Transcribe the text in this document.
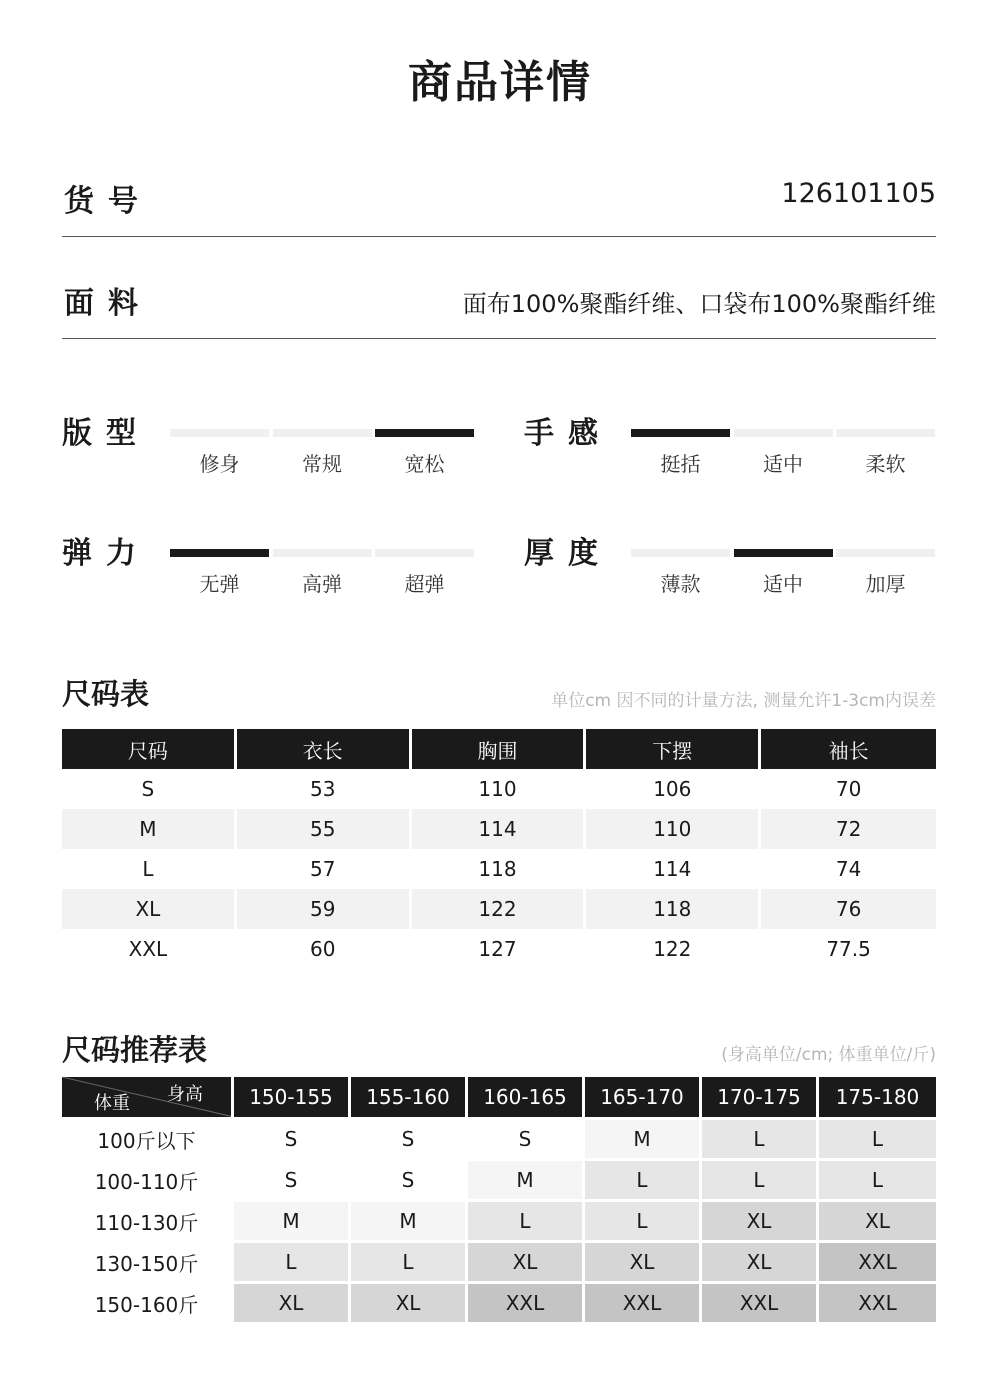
商品详情
货号	126101105
面料	面布100%聚酯纤维、口袋布100%聚酯纤维
版型
修身	常规	宽松
手感
挺括	适中	柔软
弹力
无弹	高弹	超弹
厚度
薄款	适中	加厚
尺码表	单位cm 因不同的计量方法, 测量允许1-3cm内误差
尺码	衣长	胸围	下摆	袖长
S	53	110	106	70
M	55	114	110	72
L	57	118	114	74
XL	59	122	118	76
XXL	60	127	122	77.5
尺码推荐表	(身高单位/cm; 体重单位/斤)
身高
体重	150-155	155-160	160-165	165-170	170-175	175-180
100斤以下	S	S	S	M	L	L
100-110斤	S	S	M	L	L	L
110-130斤	M	M	L	L	XL	XL
130-150斤	L	L	XL	XL	XL	XXL
150-160斤	XL	XL	XXL	XXL	XXL	XXL
